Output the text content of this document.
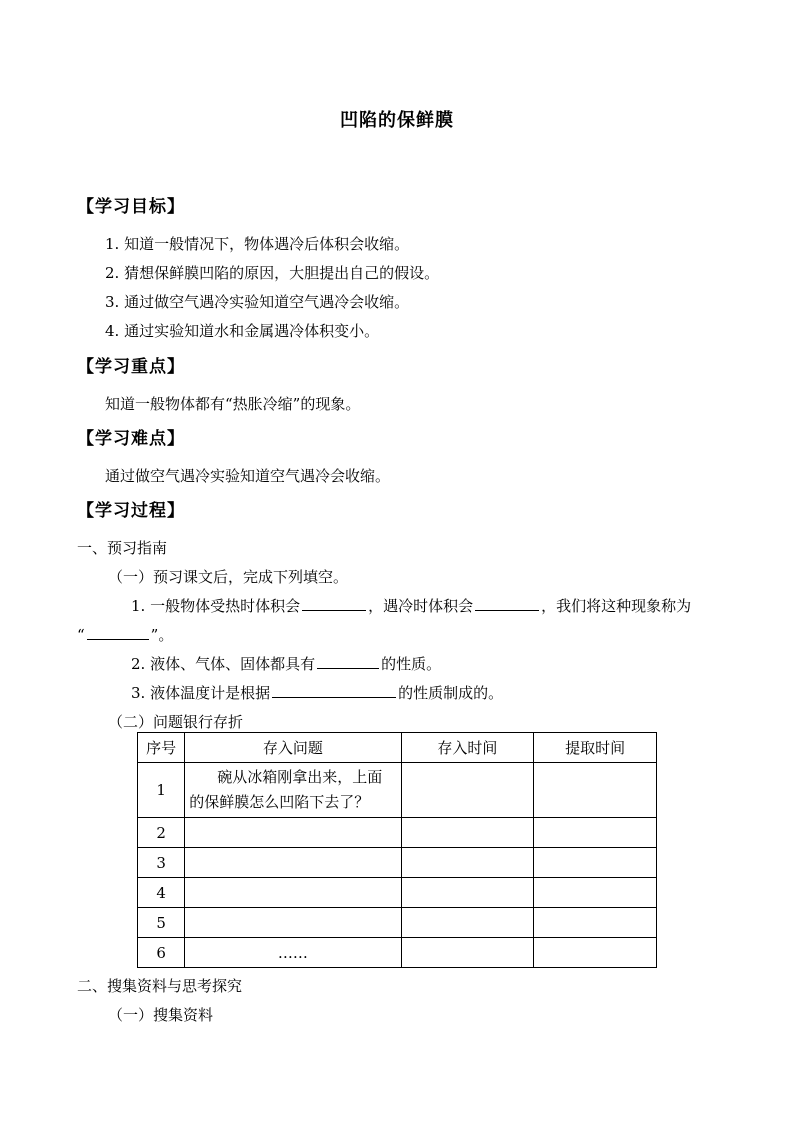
凹陷的保鲜膜
【学习目标】
1. 知道一般情况下，物体遇冷后体积会收缩。
2. 猜想保鲜膜凹陷的原因，大胆提出自己的假设。
3. 通过做空气遇冷实验知道空气遇冷会收缩。
4. 通过实验知道水和金属遇冷体积变小。
【学习重点】
知道一般物体都有“热胀冷缩”的现象。
【学习难点】
通过做空气遇冷实验知道空气遇冷会收缩。
【学习过程】
一、预习指南
（一）预习课文后，完成下列填空。
1. 一般物体受热时体积会	，遇冷时体积会	，我们将这种现象称为
“	”。
2. 液体、气体、固体都具有	的性质。
3. 液体温度计是根据	的性质制成的。
（二）问题银行存折
序号	存入问题	存入时间	提取时间
1	碗从冰箱刚拿出来，上面的保鲜膜怎么凹陷下去了？		
2			
3			
4			
5			
6	……		
二、搜集资料与思考探究
（一）搜集资料
